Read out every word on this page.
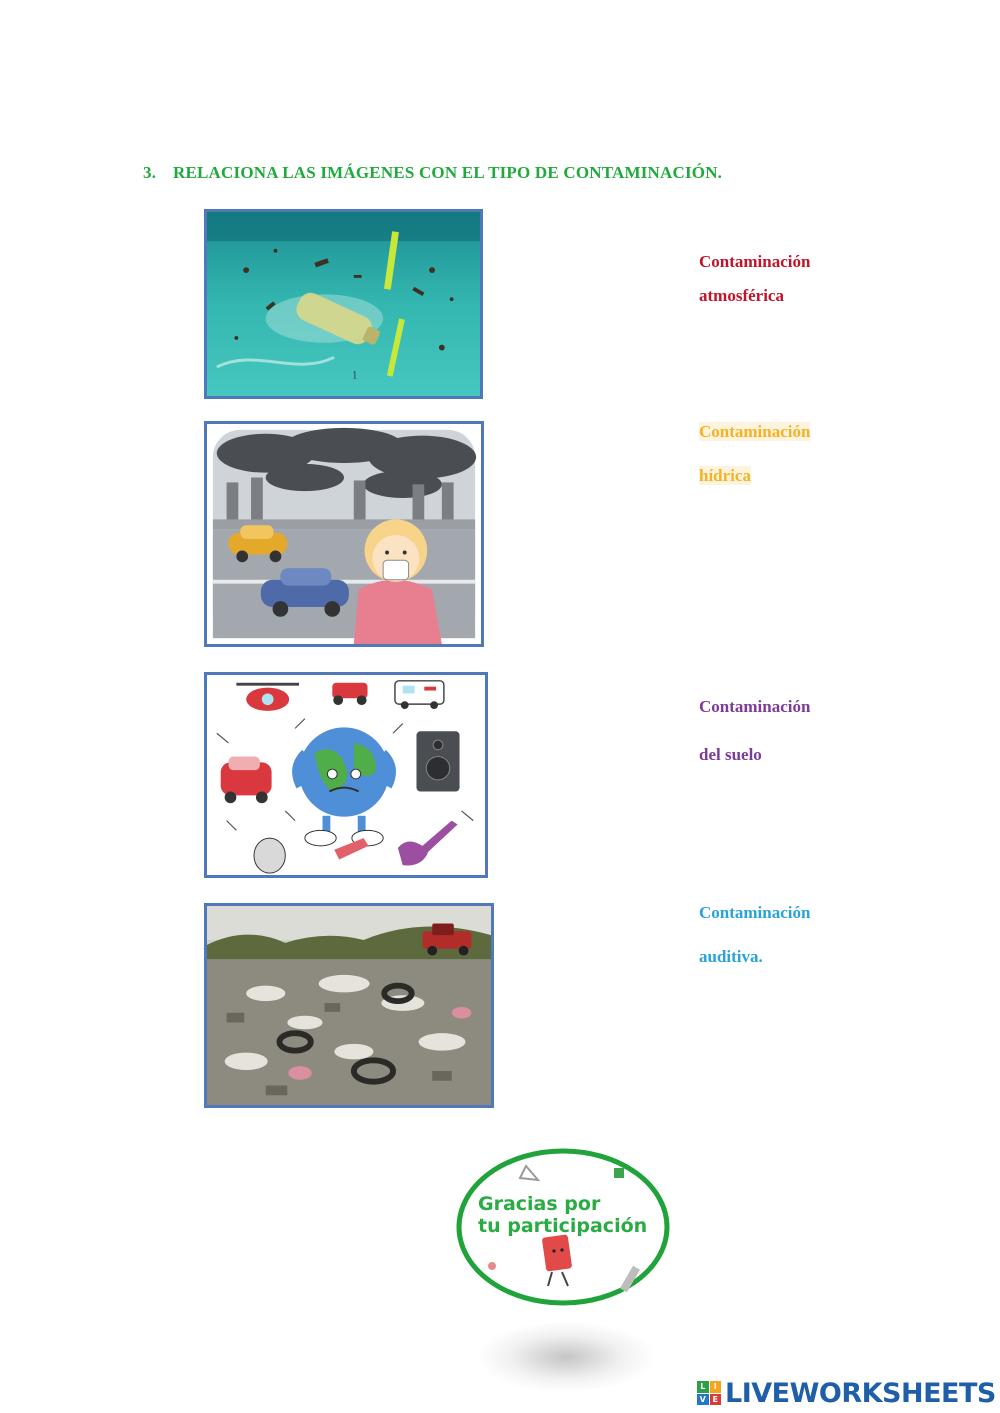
3. RELACIONA LAS IMÁGENES CON EL TIPO DE CONTAMINACIÓN.
1
Contaminación
atmosférica
Contaminación
hídrica
Contaminación
del suelo
Contaminación
auditiva.
Gracias por
tu participación
L	I
V E LIVEWORKSHEETS
